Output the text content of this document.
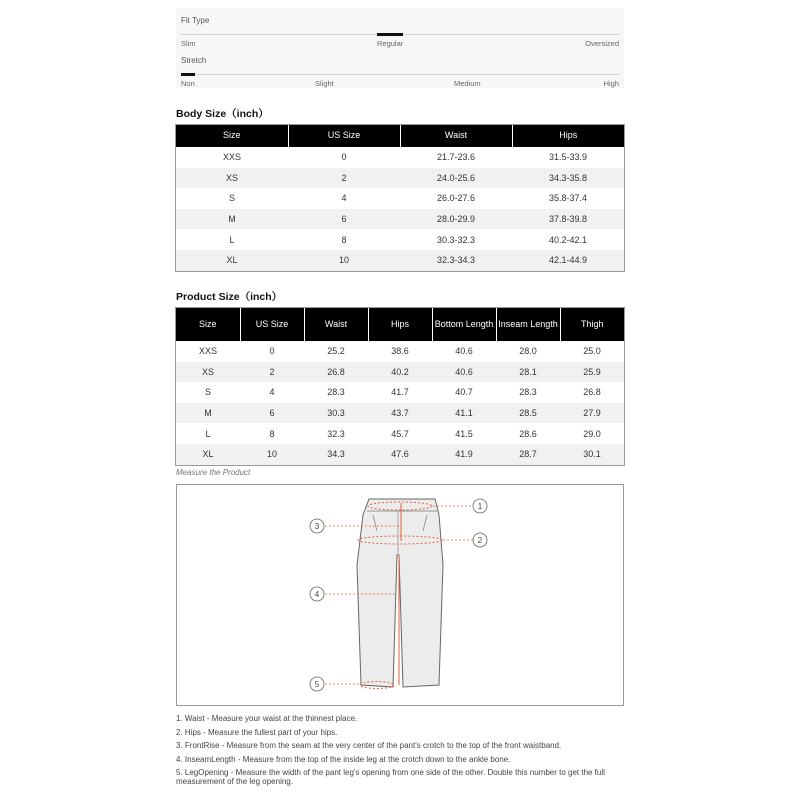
Fit Type
Slim	Regular	Oversized
Stretch
Non	Slight	Medium	High
Body Size（inch）
Size	US Size	Waist	Hips
XXS	0	21.7-23.6	31.5-33.9
XS	2	24.0-25.6	34.3-35.8
S	4	26.0-27.6	35.8-37.4
M	6	28.0-29.9	37.8-39.8
L	8	30.3-32.3	40.2-42.1
XL	10	32.3-34.3	42.1-44.9
Product Size（inch）
Size	US Size	Waist	Hips	Bottom Length	Inseam Length	Thigh
XXS	0	25.2	38.6	40.6	28.0	25.0
XS	2	26.8	40.2	40.6	28.1	25.9
S	4	28.3	41.7	40.7	28.3	26.8
M	6	30.3	43.7	41.1	28.5	27.9
L	8	32.3	45.7	41.5	28.6	29.0
XL	10	34.3	47.6	41.9	28.7	30.1
Measure the Product
1
2
3
4
5

1. Waist - Measure your waist at the thinnest place.

2. Hips - Measure the fullest part of your hips.

3. FrontRise - Measure from the seam at the very center of the pant's crotch to the top of the front waistband.

4. InseamLength - Measure from the top of the inside leg at the crotch down to the ankle bone.

5. LegOpening - Measure the width of the pant leg's opening from one side of the other. Double this number to get the full measurement of the leg opening.
